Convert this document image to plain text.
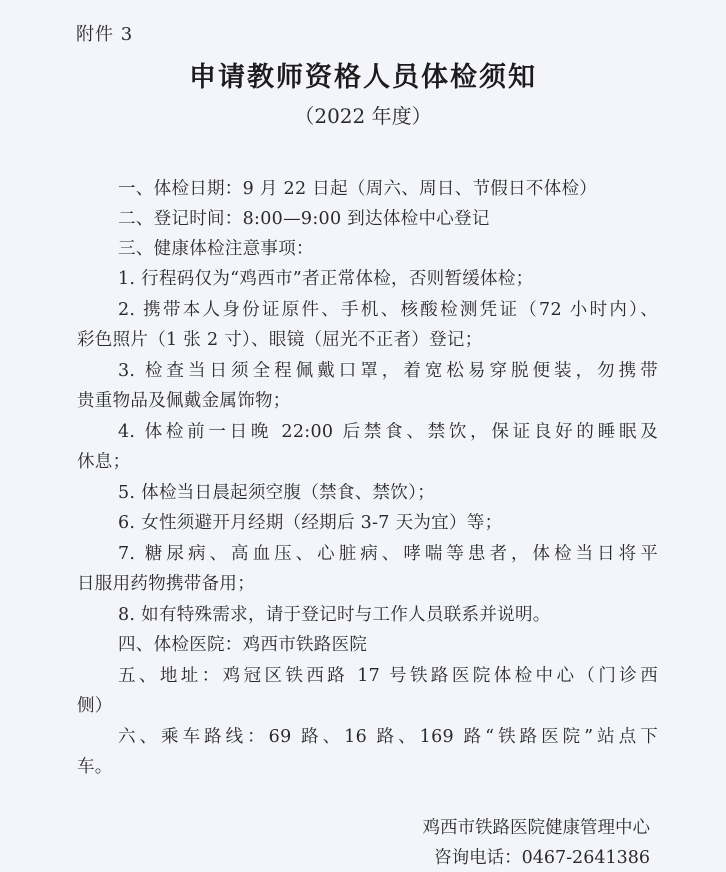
附件 3
申请教师资格人员体检须知
（2022 年度）
一、体检日期：9 月 22 日起（周六、周日、节假日不体检）
二、登记时间：8:00—9:00 到达体检中心登记
三、健康体检注意事项：
1. 行程码仅为“鸡西市”者正常体检，否则暂缓体检；
2. 携带本人身份证原件、手机、核酸检测凭证（72 小时内）、
彩色照片（1 张 2 寸）、眼镜（屈光不正者）登记；
3. 检查当日须全程佩戴口罩，着宽松易穿脱便装，勿携带
贵重物品及佩戴金属饰物；
4. 体检前一日晚 22:00 后禁食、禁饮，保证良好的睡眠及
休息；
5. 体检当日晨起须空腹（禁食、禁饮）；
6. 女性须避开月经期（经期后 3-7 天为宜）等；
7. 糖尿病、高血压、心脏病、哮喘等患者，体检当日将平
日服用药物携带备用；
8. 如有特殊需求，请于登记时与工作人员联系并说明。
四、体检医院：鸡西市铁路医院
五、地址：鸡冠区铁西路 17 号铁路医院体检中心（门诊西
侧）
六、乘车路线：69 路、16 路、169 路“铁路医院”站点下
车。
鸡西市铁路医院健康管理中心
咨询电话：0467-2641386
